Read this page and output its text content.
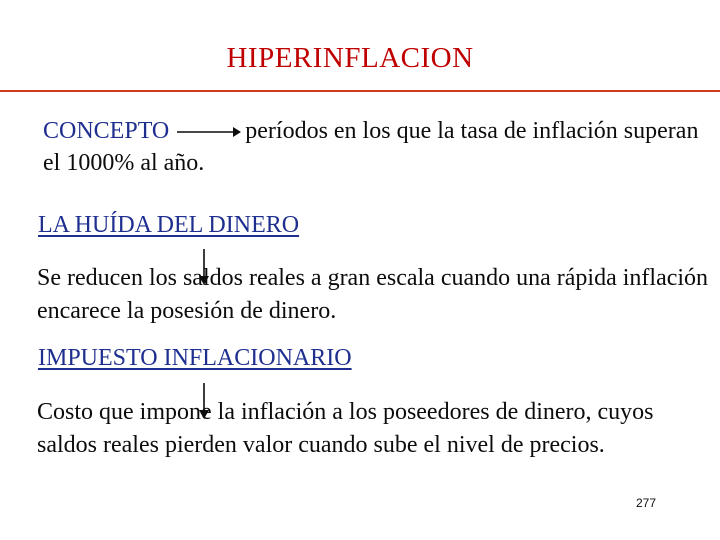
HIPERINFLACION
CONCEPTO	períodos en los que la tasa de inflación superan el 1000% al año.
LA HUÍDA DEL DINERO
Se reducen los saldos reales a gran escala cuando una rápida inflación encarece la posesión de dinero.
IMPUESTO INFLACIONARIO
Costo que impone la inflación a los poseedores de dinero, cuyos saldos reales pierden valor cuando sube el nivel de precios.
277
